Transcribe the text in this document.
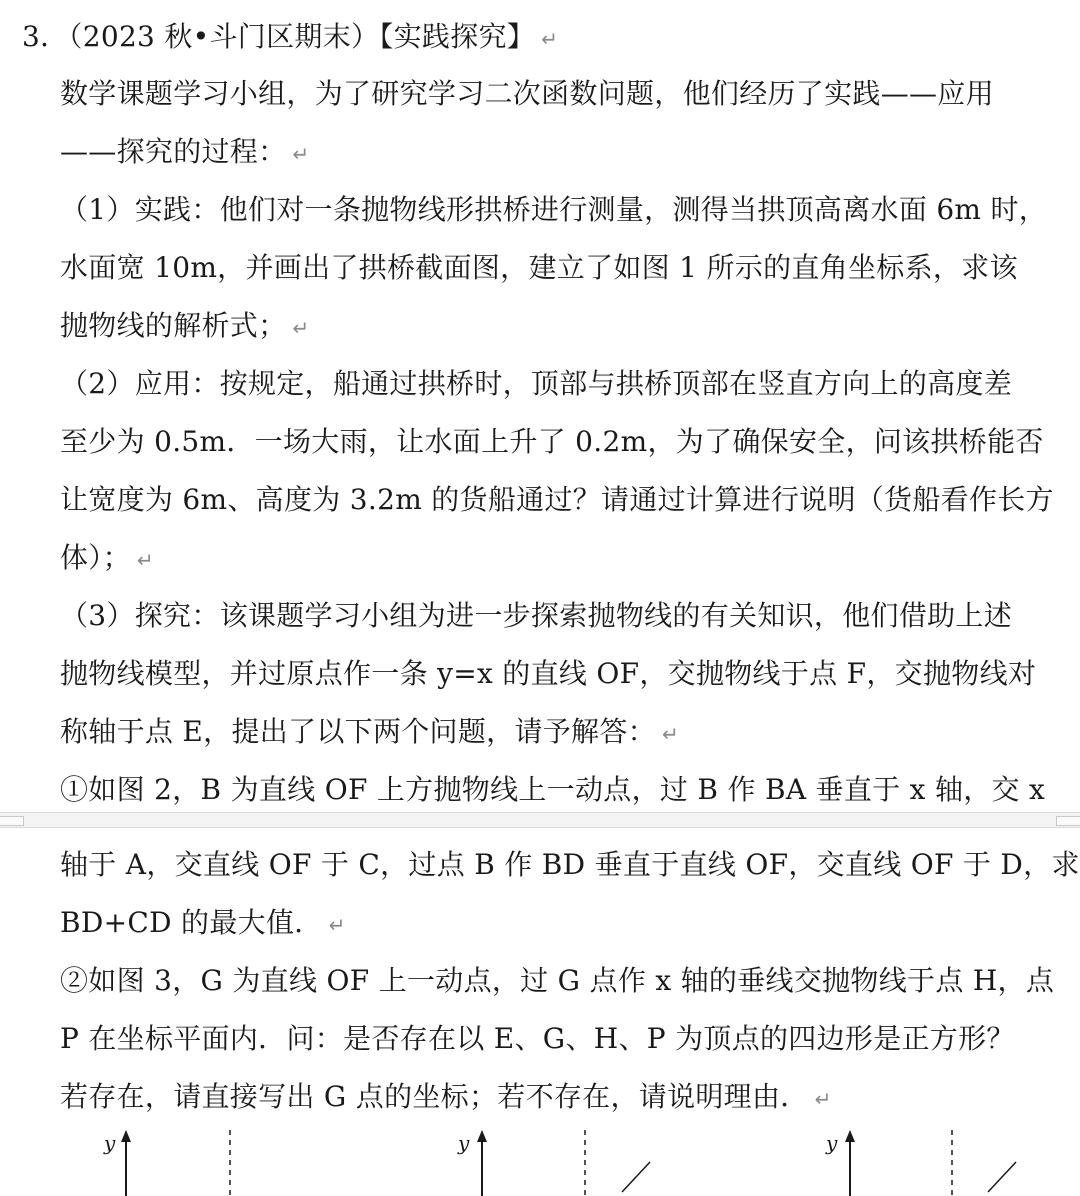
3．（2023 秋•斗门区期末）【实践探究】 ↵
数学课题学习小组，为了研究学习二次函数问题，他们经历了实践——应用
——探究的过程： ↵
（1）实践：他们对一条抛物线形拱桥进行测量，测得当拱顶高离水面 6m 时，
水面宽 10m，并画出了拱桥截面图，建立了如图 1 所示的直角坐标系，求该
抛物线的解析式； ↵
（2）应用：按规定，船通过拱桥时，顶部与拱桥顶部在竖直方向上的高度差
至少为 0.5m．一场大雨，让水面上升了 0.2m，为了确保安全，问该拱桥能否
让宽度为 6m、高度为 3.2m 的货船通过？请通过计算进行说明（货船看作长方
体）； ↵
（3）探究：该课题学习小组为进一步探索抛物线的有关知识，他们借助上述
抛物线模型，并过原点作一条 y=x 的直线 OF，交抛物线于点 F，交抛物线对
称轴于点 E，提出了以下两个问题，请予解答： ↵
①如图 2，B 为直线 OF 上方抛物线上一动点，过 B 作 BA 垂直于 x 轴，交 x
轴于 A，交直线 OF 于 C，过点 B 作 BD 垂直于直线 OF，交直线 OF 于 D，求
BD+CD 的最大值． ↵
②如图 3，G 为直线 OF 上一动点，过 G 点作 x 轴的垂线交抛物线于点 H，点
P 在坐标平面内．问：是否存在以 E、G、H、P 为顶点的四边形是正方形？
若存在，请直接写出 G 点的坐标；若不存在，请说明理由． ↵
y	y	y
